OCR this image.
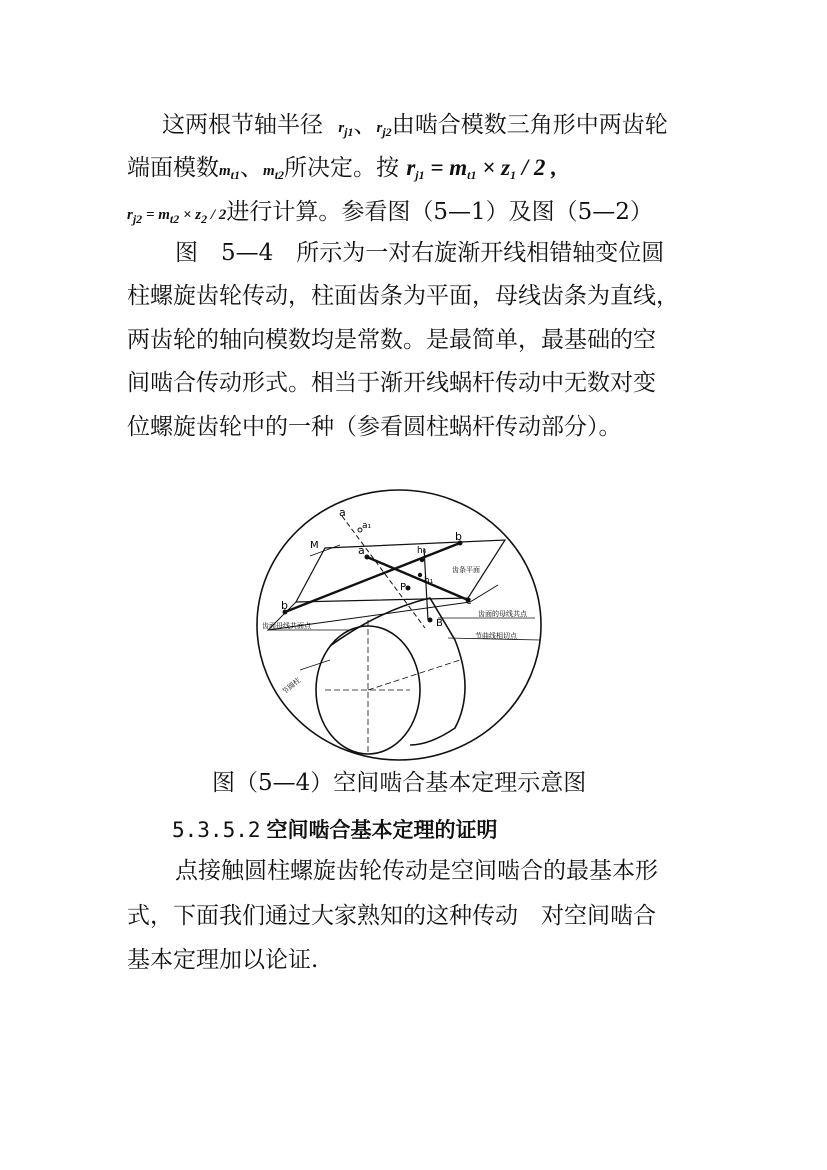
这两根节轴半径 $r_{j1}$、$r_{j2}$由啮合模数三角形中两齿轮
端面模数$m_{t1}$、$m_{t2}$所决定。按 $r_{j1} = m_{t1} \times z_1 / 2$ ,
$r_{j2} = m_{t2} \times z_2 / 2$进行计算。参看图（5—1）及图（5—2）
图　5—4　所示为一对右旋渐开线相错轴变位圆
柱螺旋齿轮传动，柱面齿条为平面，母线齿条为直线，
两齿轮的轴向模数均是常数。是最简单，最基础的空
间啮合传动形式。相当于渐开线蜗杆传动中无数对变
位螺旋齿轮中的一种（参看圆柱蜗杆传动部分）。
a
a₁
a
M	h₆
b
P
h₁
c
b
B
齿条平面
齿面的母线共点
节曲线相切点
齿面母线共面点
节圆柱
图（5—4）空间啮合基本定理示意图
5.3.5.2 空间啮合基本定理的证明
点接触圆柱螺旋齿轮传动是空间啮合的最基本形
式，下面我们通过大家熟知的这种传动　对空间啮合
基本定理加以论证.
